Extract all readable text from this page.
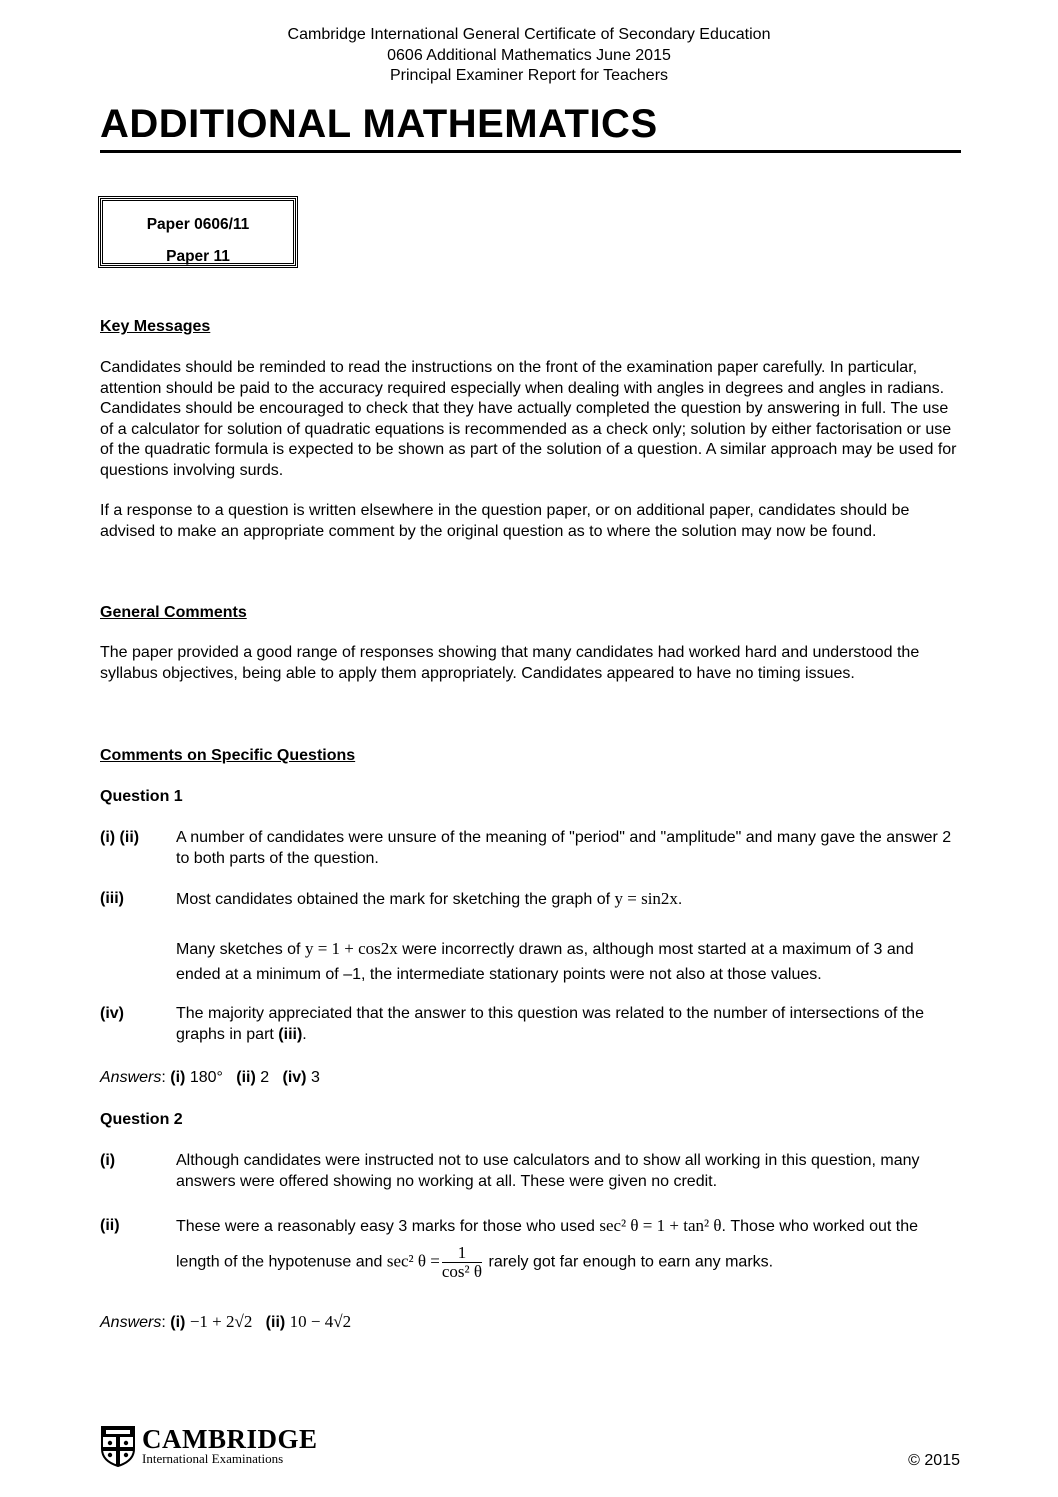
Cambridge International General Certificate of Secondary Education
0606 Additional Mathematics June 2015
Principal Examiner Report for Teachers
ADDITIONAL MATHEMATICS
Paper 0606/11
Paper 11
Key Messages
Candidates should be reminded to read the instructions on the front of the examination paper carefully. In particular, attention should be paid to the accuracy required especially when dealing with angles in degrees and angles in radians. Candidates should be encouraged to check that they have actually completed the question by answering in full. The use of a calculator for solution of quadratic equations is recommended as a check only; solution by either factorisation or use of the quadratic formula is expected to be shown as part of the solution of a question. A similar approach may be used for questions involving surds.
If a response to a question is written elsewhere in the question paper, or on additional paper, candidates should be advised to make an appropriate comment by the original question as to where the solution may now be found.
General Comments
The paper provided a good range of responses showing that many candidates had worked hard and understood the syllabus objectives, being able to apply them appropriately. Candidates appeared to have no timing issues.
Comments on Specific Questions
Question 1
(i) (ii) A number of candidates were unsure of the meaning of "period" and "amplitude" and many gave the answer 2 to both parts of the question.
(iii)	Most candidates obtained the mark for sketching the graph of y = sin2x.
Many sketches of y = 1 + cos2x were incorrectly drawn as, although most started at a maximum of 3 and ended at a minimum of –1, the intermediate stationary points were not also at those values.
(iv)	The majority appreciated that the answer to this question was related to the number of intersections of the graphs in part (iii).
Answers: (i) 180° (ii) 2 (iv) 3
Question 2
(i)	Although candidates were instructed not to use calculators and to show all working in this question, many answers were offered showing no working at all. These were given no credit.
(ii)	These were a reasonably easy 3 marks for those who used sec² θ = 1 + tan² θ. Those who worked out the length of the hypotenuse and sec² $\theta = \frac{1}{\text{cos² θ}}$ rarely got far enough to earn any marks.
Answers: (i) −1 + 2√2 (ii) 10 − 4√2
CAMBRIDGE
International Examinations	© 2015
